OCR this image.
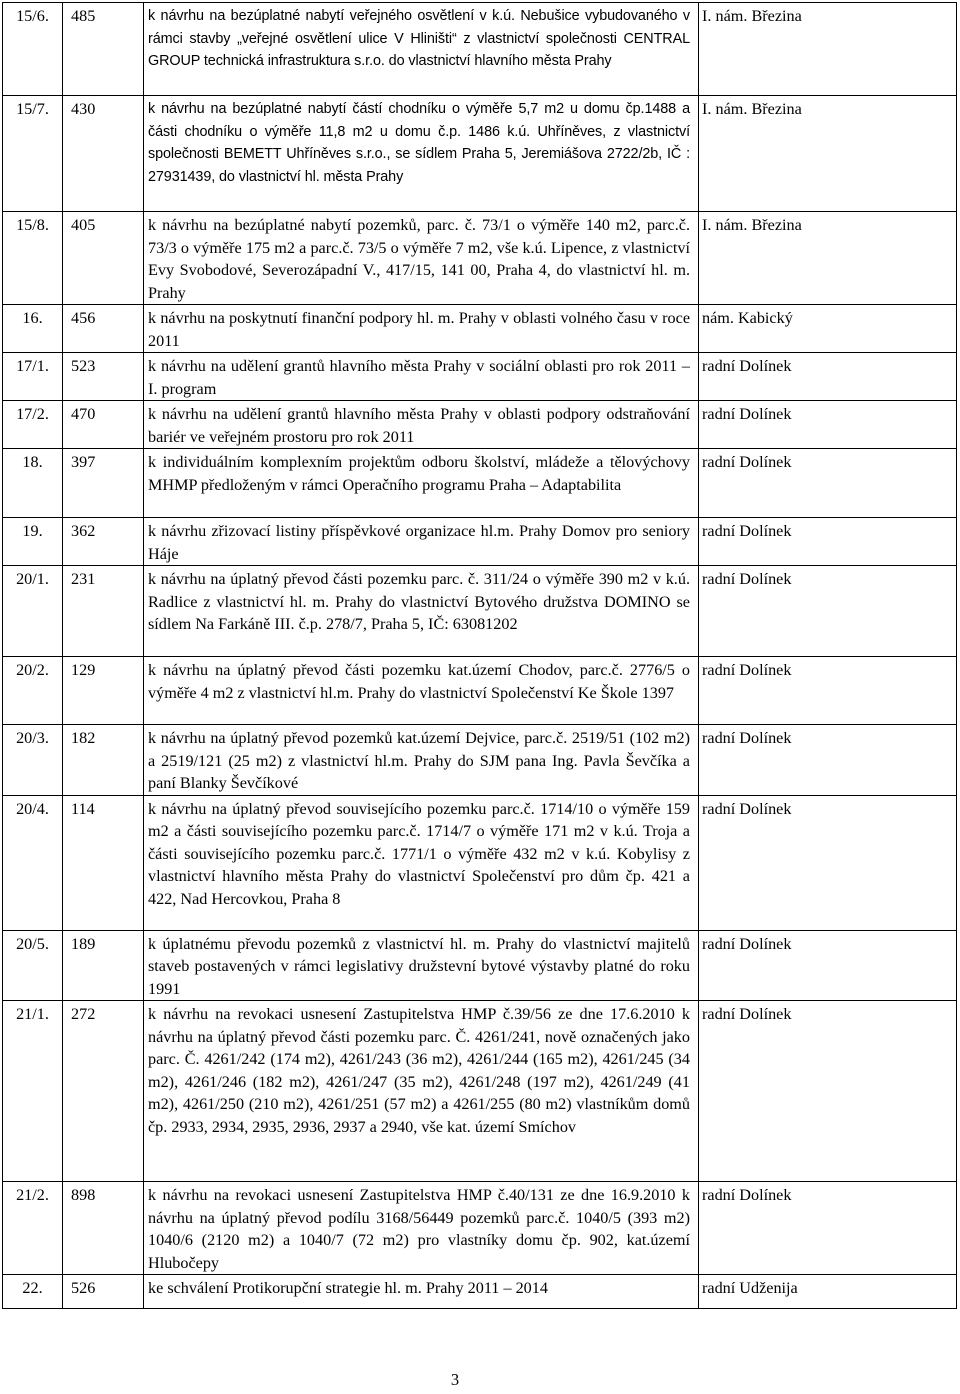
15/6.	485	k návrhu na bezúplatné nabytí veřejného osvětlení v k.ú. Nebušice vybudovaného v rámci stavby „veřejné osvětlení ulice V Hliništi“ z vlastnictví společnosti CENTRAL GROUP technická infrastruktura s.r.o. do vlastnictví hlavního města Prahy	I. nám. Březina
15/7.	430	k návrhu na bezúplatné nabytí částí chodníku o výměře 5,7 m2 u domu čp.1488 a části chodníku o výměře 11,8 m2 u domu č.p. 1486 k.ú. Uhříněves, z vlastnictví společnosti BEMETT Uhříněves s.r.o., se sídlem Praha 5, Jeremiášova 2722/2b, IČ : 27931439, do vlastnictví hl. města Prahy	I. nám. Březina
15/8.	405	k návrhu na bezúplatné nabytí pozemků, parc. č. 73/1 o výměře 140 m2, parc.č. 73/3 o výměře 175 m2 a parc.č. 73/5 o výměře 7 m2, vše k.ú. Lipence, z vlastnictví Evy Svobodové, Severozápadní V., 417/15, 141 00, Praha 4, do vlastnictví hl. m. Prahy	I. nám. Březina
16.	456	k návrhu na poskytnutí finanční podpory hl. m. Prahy v oblasti volného času v roce 2011	nám. Kabický
17/1.	523	k návrhu na udělení grantů hlavního města Prahy v sociální oblasti pro rok 2011 – I. program	radní Dolínek
17/2.	470	k návrhu na udělení grantů hlavního města Prahy v oblasti podpory odstraňování bariér ve veřejném prostoru pro rok 2011	radní Dolínek
18.	397	k individuálním komplexním projektům odboru školství, mládeže a tělovýchovy MHMP předloženým v rámci Operačního programu Praha – Adaptabilita	radní Dolínek
19.	362	k návrhu zřizovací listiny příspěvkové organizace hl.m. Prahy Domov pro seniory Háje	radní Dolínek
20/1.	231	k návrhu na úplatný převod části pozemku parc. č. 311/24 o výměře 390 m2 v k.ú. Radlice z vlastnictví hl. m. Prahy do vlastnictví Bytového družstva DOMINO se sídlem Na Farkáně III. č.p. 278/7, Praha 5, IČ: 63081202	radní Dolínek
20/2.	129	k návrhu na úplatný převod části pozemku kat.území Chodov, parc.č. 2776/5 o výměře 4 m2 z vlastnictví hl.m. Prahy do vlastnictví Společenství Ke Škole 1397	radní Dolínek
20/3.	182	k návrhu na úplatný převod pozemků kat.území Dejvice, parc.č. 2519/51 (102 m2) a 2519/121 (25 m2) z vlastnictví hl.m. Prahy do SJM pana Ing. Pavla Ševčíka a paní Blanky Ševčíkové	radní Dolínek
20/4.	114	k návrhu na úplatný převod souvisejícího pozemku parc.č. 1714/10 o výměře 159 m2 a části souvisejícího pozemku parc.č. 1714/7 o výměře 171 m2 v k.ú. Troja a části souvisejícího pozemku parc.č. 1771/1 o výměře 432 m2 v k.ú. Kobylisy z vlastnictví hlavního města Prahy do vlastnictví Společenství pro dům čp. 421 a 422, Nad Hercovkou, Praha 8	radní Dolínek
20/5.	189	k úplatnému převodu pozemků z vlastnictví hl. m. Prahy do vlastnictví majitelů staveb postavených v rámci legislativy družstevní bytové výstavby platné do roku 1991	radní Dolínek
21/1.	272	k návrhu na revokaci usnesení Zastupitelstva HMP č.39/56 ze dne 17.6.2010 k návrhu na úplatný převod části pozemku parc. Č. 4261/241, nově označených jako parc. Č. 4261/242 (174 m2), 4261/243 (36 m2), 4261/244 (165 m2), 4261/245 (34 m2), 4261/246 (182 m2), 4261/247 (35 m2), 4261/248 (197 m2), 4261/249 (41 m2), 4261/250 (210 m2), 4261/251 (57 m2) a 4261/255 (80 m2) vlastníkům domů čp. 2933, 2934, 2935, 2936, 2937 a 2940, vše kat. území Smíchov	radní Dolínek
21/2.	898	k návrhu na revokaci usnesení Zastupitelstva HMP č.40/131 ze dne 16.9.2010 k návrhu na úplatný převod podílu 3168/56449 pozemků parc.č. 1040/5 (393 m2) 1040/6 (2120 m2) a 1040/7 (72 m2) pro vlastníky domu čp. 902, kat.území Hlubočepy	radní Dolínek
22.	526	ke schválení Protikorupční strategie hl. m. Prahy 2011 – 2014	radní Udženija
3
